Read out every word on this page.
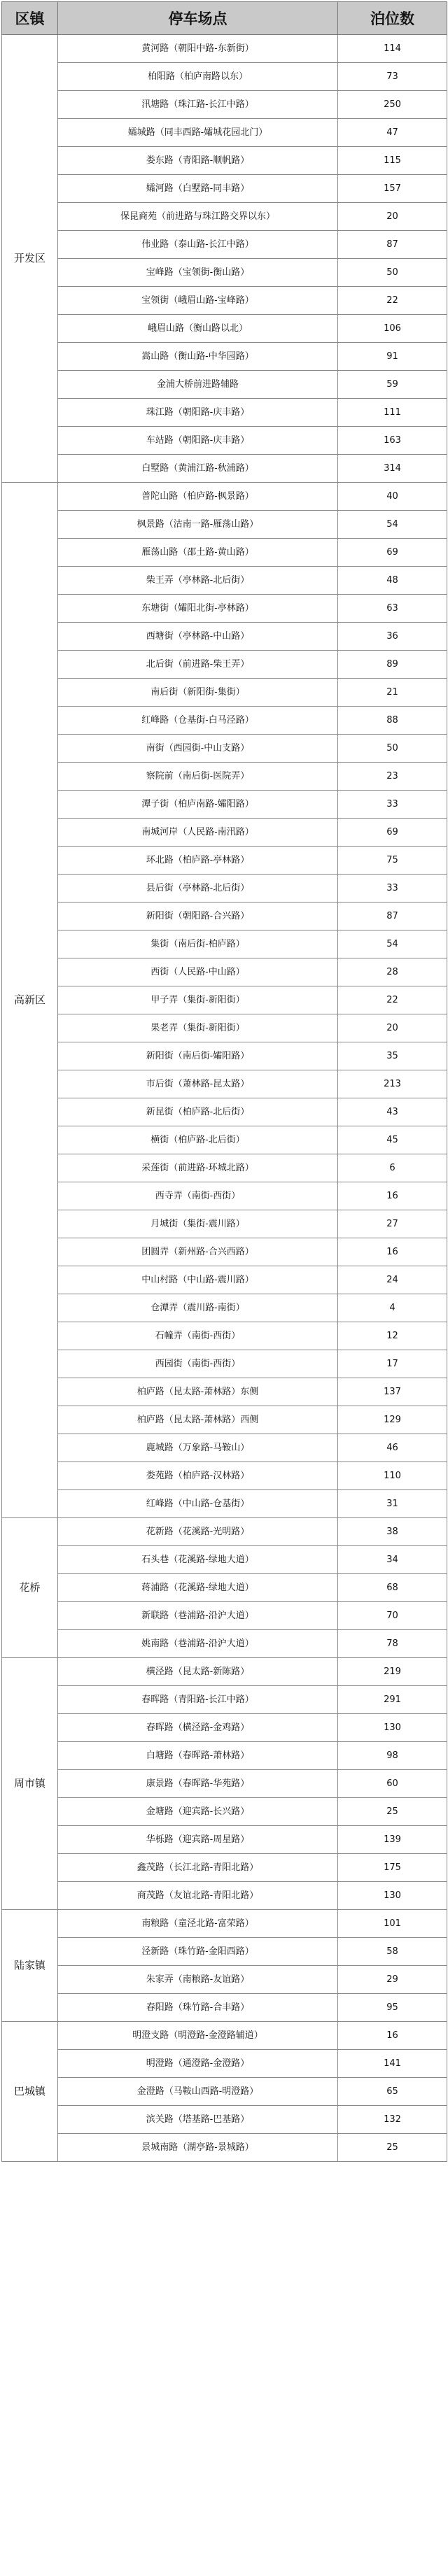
区镇	停车场点	泊位数
开发区	黄河路（朝阳中路-东新街）	114
	柏阳路（柏庐南路以东）	73
	汛塘路（珠江路-长江中路）	250
	孀城路（同丰西路-孀城花园北门）	47
	娄东路（青阳路-顺帆路）	115
	孀河路（白墅路-同丰路）	157
	保昆商苑（前进路与珠江路交界以东）	20
	伟业路（泰山路-长江中路）	87
	宝峰路（宝领街-衡山路）	50
	宝领街（峨眉山路-宝峰路）	22
	峨眉山路（衡山路以北）	106
	嵩山路（衡山路-中华园路）	91
	金浦大桥前进路辅路	59
	珠江路（朝阳路-庆丰路）	111
	车站路（朝阳路-庆丰路）	163
	白墅路（黄浦江路-秋浦路）	314
高新区	普陀山路（柏庐路-枫景路）	40
	枫景路（沽南一路-雁荡山路）	54
	雁荡山路（邵土路-黄山路）	69
	柴王弄（亭林路-北后街）	48
	东塘街（孀阳北街-亭林路）	63
	西塘街（亭林路-中山路）	36
	北后街（前进路-柴王弄）	89
	南后街（新阳街-集街）	21
	红峰路（仓基街-白马泾路）	88
	南街（西园街-中山支路）	50
	察院前（南后街-医院弄）	23
	潭子街（柏庐南路-孀阳路）	33
	南城河岸（人民路-南汛路）	69
	环北路（柏庐路-亭林路）	75
	县后街（亭林路-北后街）	33
	新阳街（朝阳路-合兴路）	87
	集街（南后街-柏庐路）	54
	西街（人民路-中山路）	28
	甲子弄（集街-新阳街）	22
	果老弄（集街-新阳街）	20
	新阳街（南后街-孀阳路）	35
	市后街（萧林路-昆太路）	213
	新昆街（柏庐路-北后街）	43
	横街（柏庐路-北后街）	45
	采莲街（前进路-环城北路）	6
	西寺弄（南街-西街）	16
	月城街（集街-震川路）	27
	团圆弄（新州路-合兴西路）	16
	中山村路（中山路-震川路）	24
	仓潭弄（震川路-南街）	4
	石幢弄（南街-西街）	12
	西园街（南街-西街）	17
	柏庐路（昆太路-萧林路）东侧	137
	柏庐路（昆太路-萧林路）西侧	129
	鹿城路（万象路-马鞍山）	46
	娄苑路（柏庐路-汉林路）	110
	红峰路（中山路-仓基街）	31
花桥	花新路（花溪路-光明路）	38
	石头巷（花溪路-绿地大道）	34
	蒋浦路（花溪路-绿地大道）	68
	新联路（巷浦路-沿沪大道）	70
	姚南路（巷浦路-沿沪大道）	78
周市镇	横泾路（昆太路-新陈路）	219
	春晖路（青阳路-长江中路）	291
	春晖路（横泾路-金鸡路）	130
	白塘路（春晖路-萧林路）	98
	康景路（春晖路-华苑路）	60
	金塘路（迎宾路-长兴路）	25
	华栎路（迎宾路-周星路）	139
	鑫茂路（长江北路-青阳北路）	175
	商茂路（友谊北路-青阳北路）	130
陆家镇	南粮路（童泾北路-富荣路）	101
	泾新路（珠竹路-金阳西路）	58
	朱家弄（南粮路-友谊路）	29
	春阳路（珠竹路-合丰路）	95
巴城镇	明澄支路（明澄路-金澄路辅道）	16
	明澄路（通澄路-金澄路）	141
	金澄路（马鞍山西路-明澄路）	65
	滨关路（塔基路-巴基路）	132
	景城南路（湖亭路-景城路）	25
